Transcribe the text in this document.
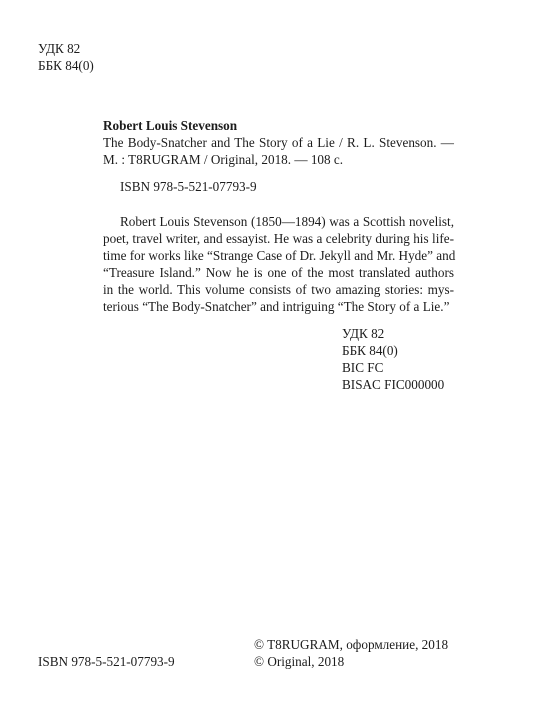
УДК 82
ББК 84(0)
Robert Louis Stevenson
The Body-Snatcher and The Story of a Lie / R. L. Stevenson. —
M. : T8RUGRAM / Original, 2018. — 108 c.
ISBN 978-5-521-07793-9
Robert Louis Stevenson (1850—1894) was a Scottish novelist,
poet, travel writer, and essayist. He was a celebrity during his life-
time for works like “Strange Case of Dr. Jekyll and Mr. Hyde” and
“Treasure Island.” Now he is one of the most translated authors
in the world. This volume consists of two amazing stories: mys-
terious “The Body-Snatcher” and intriguing “The Story of a Lie.”
УДК 82
ББК 84(0)
BIC FC
BISAC FIC000000
ISBN 978-5-521-07793-9
© T8RUGRAM, оформление, 2018
© Original, 2018
